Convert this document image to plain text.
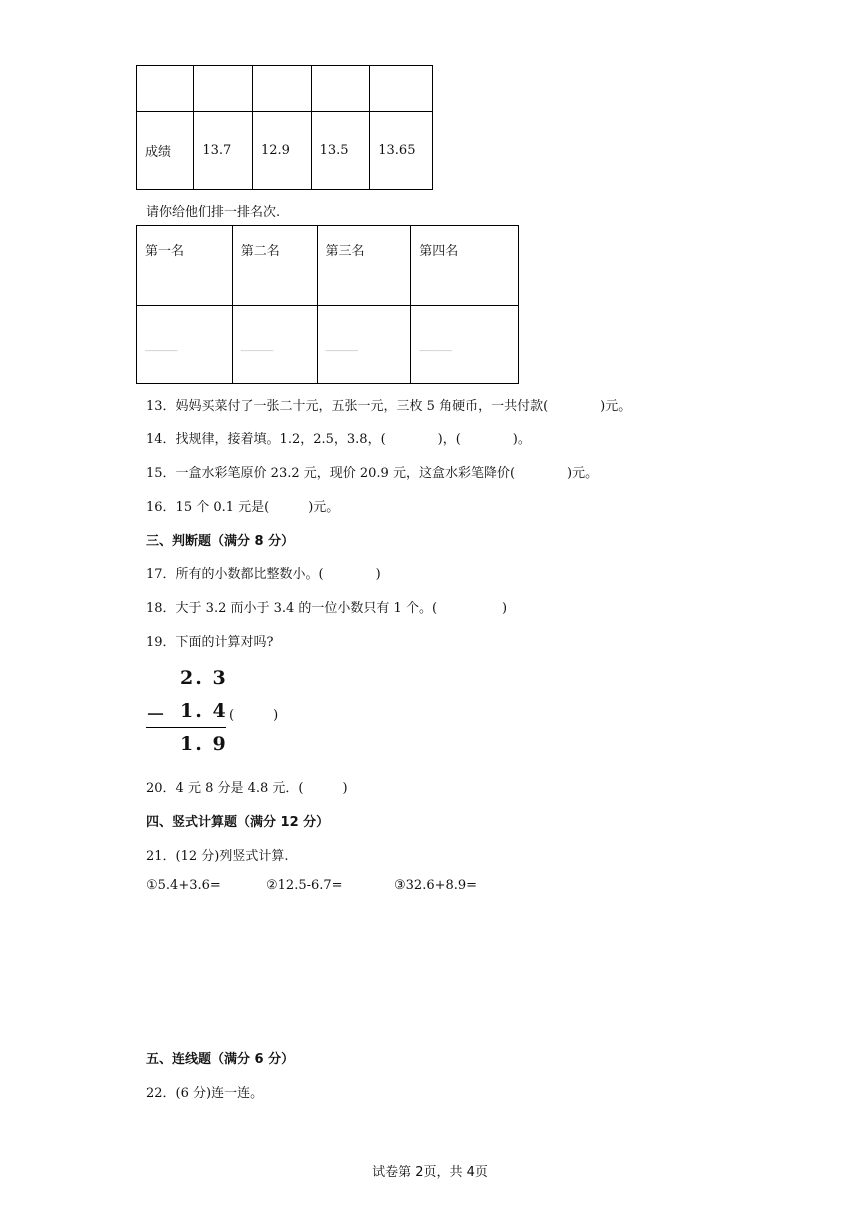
成绩	13.7	12.9	13.5	13.65
请你给他们排一排名次.
第一名	第二名	第三名	第四名
_____	_____	_____	_____
13．妈妈买菜付了一张二十元，五张一元，三枚 5 角硬币，一共付款(　　　　)元。
14．找规律，接着填。1.2，2.5，3.8，(　　　　)，(　　　　)。
15．一盒水彩笔原价 23.2 元，现价 20.9 元，这盒水彩笔降价(　　　　)元。
16．15 个 0.1 元是(　　　)元。
三、判断题（满分 8 分）
17．所有的小数都比整数小。(　　　　)
18．大于 3.2 而小于 3.4 的一位小数只有 1 个。(　　　　　)
19．下面的计算对吗?
2. 3
－ 1. 4 (　　　)
1. 9
20．4 元 8 分是 4.8 元．(　　　)
四、竖式计算题（满分 12 分）
21．(12 分)列竖式计算.
①5.4+3.6=	②12.5-6.7=	③32.6+8.9=
五、连线题（满分 6 分）
22．(6 分)连一连。
试卷第 2页，共 4页
